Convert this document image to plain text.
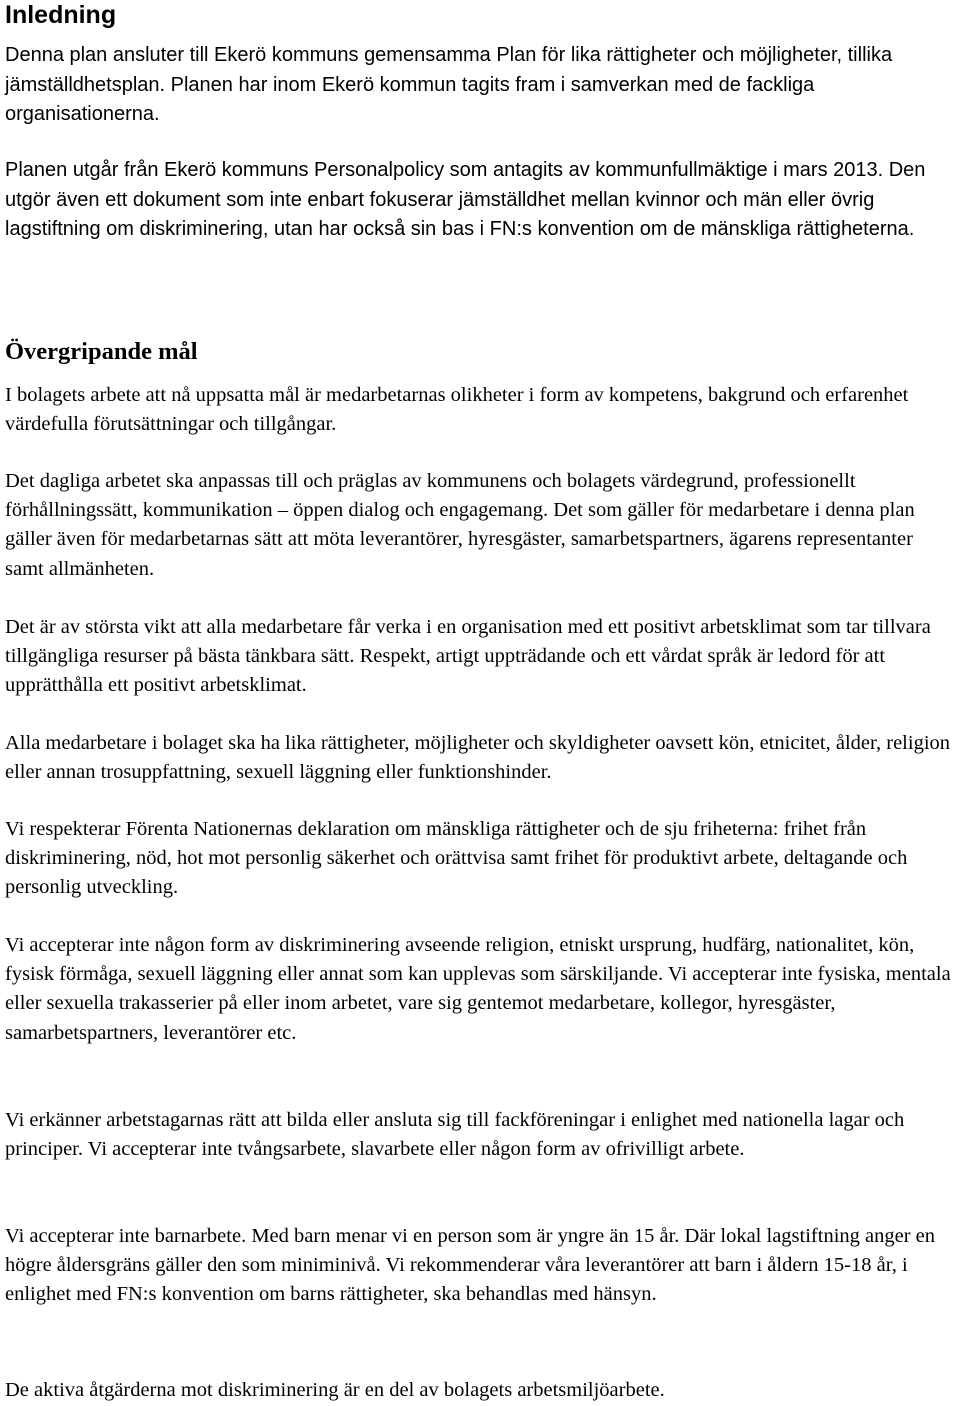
Inledning

Denna plan ansluter till Ekerö kommuns gemensamma Plan för lika rättigheter och möjligheter, tillika jämställdhetsplan. Planen har inom Ekerö kommun tagits fram i samverkan med de fackliga organisationerna.

Planen utgår från Ekerö kommuns Personalpolicy som antagits av kommunfullmäktige i mars 2013. Den utgör även ett dokument som inte enbart fokuserar jämställdhet mellan kvinnor och män eller övrig lagstiftning om diskriminering, utan har också sin bas i FN:s konvention om de mänskliga rättigheterna.

Övergripande mål

I bolagets arbete att nå uppsatta mål är medarbetarnas olikheter i form av kompetens, bakgrund och erfarenhet värdefulla förutsättningar och tillgångar.

Det dagliga arbetet ska anpassas till och präglas av kommunens och bolagets värdegrund, professionellt förhållningssätt, kommunikation – öppen dialog och engagemang. Det som gäller för medarbetare i denna plan gäller även för medarbetarnas sätt att möta leverantörer, hyresgäster, samarbetspartners, ägarens representanter samt allmänheten.

Det är av största vikt att alla medarbetare får verka i en organisation med ett positivt arbetsklimat som tar tillvara tillgängliga resurser på bästa tänkbara sätt. Respekt, artigt uppträdande och ett vårdat språk är ledord för att upprätthålla ett positivt arbetsklimat.

Alla medarbetare i bolaget ska ha lika rättigheter, möjligheter och skyldigheter oavsett kön, etnicitet, ålder, religion eller annan trosuppfattning, sexuell läggning eller funktionshinder.

Vi respekterar Förenta Nationernas deklaration om mänskliga rättigheter och de sju friheterna: frihet från diskriminering, nöd, hot mot personlig säkerhet och orättvisa samt frihet för produktivt arbete, deltagande och personlig utveckling.

Vi accepterar inte någon form av diskriminering avseende religion, etniskt ursprung, hudfärg, nationalitet, kön, fysisk förmåga, sexuell läggning eller annat som kan upplevas som särskiljande. Vi accepterar inte fysiska, mentala eller sexuella trakasserier på eller inom arbetet, vare sig gentemot medarbetare, kollegor, hyresgäster, samarbetspartners, leverantörer etc.

Vi erkänner arbetstagarnas rätt att bilda eller ansluta sig till fackföreningar i enlighet med nationella lagar och principer. Vi accepterar inte tvångsarbete, slavarbete eller någon form av ofrivilligt arbete.

Vi accepterar inte barnarbete. Med barn menar vi en person som är yngre än 15 år. Där lokal lagstiftning anger en högre åldersgräns gäller den som miniminivå. Vi rekommenderar våra leverantörer att barn i åldern 15-18 år, i enlighet med FN:s konvention om barns rättigheter, ska behandlas med hänsyn.

De aktiva åtgärderna mot diskriminering är en del av bolagets arbetsmiljöarbete.
